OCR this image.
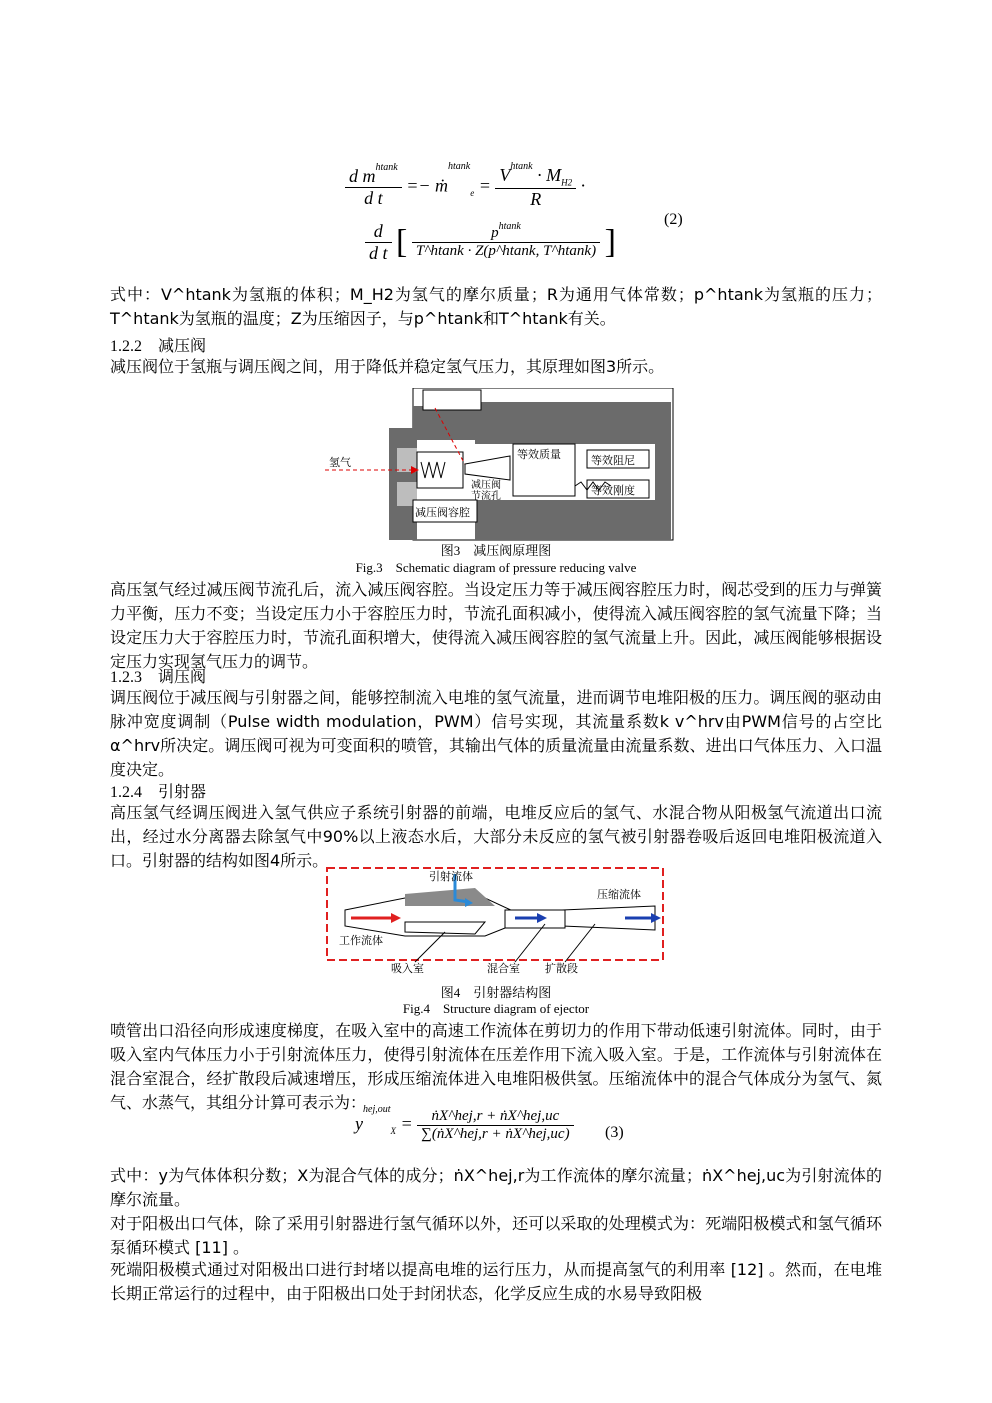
$\frac{d m^{htank}}{\text{d t}}$ =− ṁ$^{htank}_e$ = $\frac{V^{htank} \cdot M_{H2}}{R}$ ·
$\frac{d}{\text{d t}}$ [ $\frac{p^{htank}}{T\^{}htank \cdot Z(p\^{}htank, T\^{}htank)}$ ]
(2)

式中：V^htank为氢瓶的体积；M_H2为氢气的摩尔质量；R为通用气体常数；p^htank为氢瓶的压力；T^htank为氢瓶的温度；Z为压缩因子，与p^htank和T^htank有关。

1.2.2　减压阀

减压阀位于氢瓶与调压阀之间，用于降低并稳定氢气压力，其原理如图3所示。

氢气
等效质量	等效阻尼
等效刚度
减压阀
节流孔
减压阀容腔
图3　减压阀原理图
Fig.3　Schematic diagram of pressure reducing valve

高压氢气经过减压阀节流孔后，流入减压阀容腔。当设定压力等于减压阀容腔压力时，阀芯受到的压力与弹簧力平衡，压力不变；当设定压力小于容腔压力时，节流孔面积减小，使得流入减压阀容腔的氢气流量下降；当设定压力大于容腔压力时，节流孔面积增大，使得流入减压阀容腔的氢气流量上升。因此，减压阀能够根据设定压力实现氢气压力的调节。

1.2.3　调压阀

调压阀位于减压阀与引射器之间，能够控制流入电堆的氢气流量，进而调节电堆阳极的压力。调压阀的驱动由脉冲宽度调制（Pulse width modulation，PWM）信号实现，其流量系数k v^hrv由PWM信号的占空比α^hrv所决定。调压阀可视为可变面积的喷管，其输出气体的质量流量由流量系数、进出口气体压力、入口温度决定。

1.2.4　引射器

高压氢气经调压阀进入氢气供应子系统引射器的前端，电堆反应后的氢气、水混合物从阳极氢气流道出口流出，经过水分离器去除氢气中90%以上液态水后，大部分未反应的氢气被引射器卷吸后返回电堆阳极流道入口。引射器的结构如图4所示。

引射流体
压缩流体
工作流体
吸入室	混合室 扩散段
图4　引射器结构图
Fig.4　Structure diagram of ejector

喷管出口沿径向形成速度梯度，在吸入室中的高速工作流体在剪切力的作用下带动低速引射流体。同时，由于吸入室内气体压力小于引射流体压力，使得引射流体在压差作用下流入吸入室。于是，工作流体与引射流体在混合室混合，经扩散段后减速增压，形成压缩流体进入电堆阳极供氢。压缩流体中的混合气体成分为氢气、氮气、水蒸气，其组分计算可表示为：

$y^{hej,out}_X = \frac{\text{ṅX\textasciicircum{}hej,r + ṅX\textasciicircum{}hej,uc}}{\text{∑(ṅX\textasciicircum{}hej,r + ṅX\textasciicircum{}hej,uc)}} (3)$

式中：y为气体体积分数；X为混合气体的成分；ṅX^hej,r为工作流体的摩尔流量；ṅX^hej,uc为引射流体的摩尔流量。

对于阳极出口气体，除了采用引射器进行氢气循环以外，还可以采取的处理模式为：死端阳极模式和氢气循环泵循环模式 [11] 。

死端阳极模式通过对阳极出口进行封堵以提高电堆的运行压力，从而提高氢气的利用率 [12] 。然而，在电堆长期正常运行的过程中，由于阳极出口处于封闭状态，化学反应生成的水易导致阳极
